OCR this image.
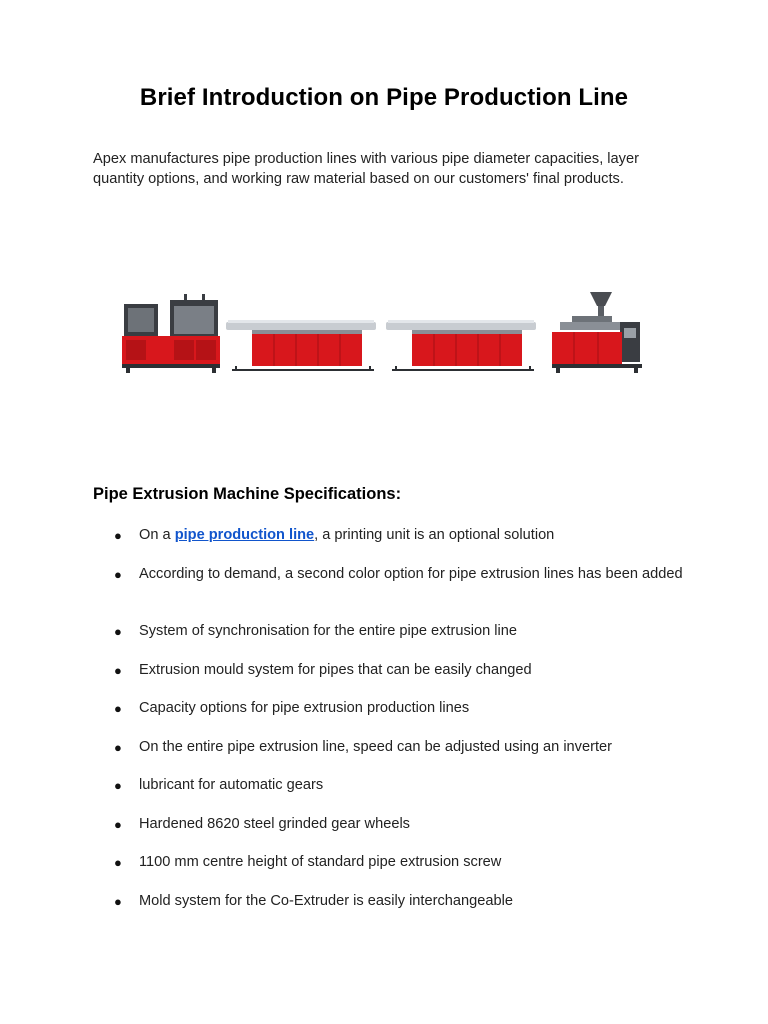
Brief Introduction on Pipe Production Line

Apex manufactures pipe production lines with various pipe diameter capacities, layer quantity options, and working raw material based on our customers' final products.

Pipe Extrusion Machine Specifications:
● On a pipe production line, a printing unit is an optional solution
● According to demand, a second color option for pipe extrusion lines has been added
● System of synchronisation for the entire pipe extrusion line
● Extrusion mould system for pipes that can be easily changed
● Capacity options for pipe extrusion production lines
● On the entire pipe extrusion line, speed can be adjusted using an inverter
● lubricant for automatic gears
● Hardened 8620 steel grinded gear wheels
● 1100 mm centre height of standard pipe extrusion screw
● Mold system for the Co-Extruder is easily interchangeable
